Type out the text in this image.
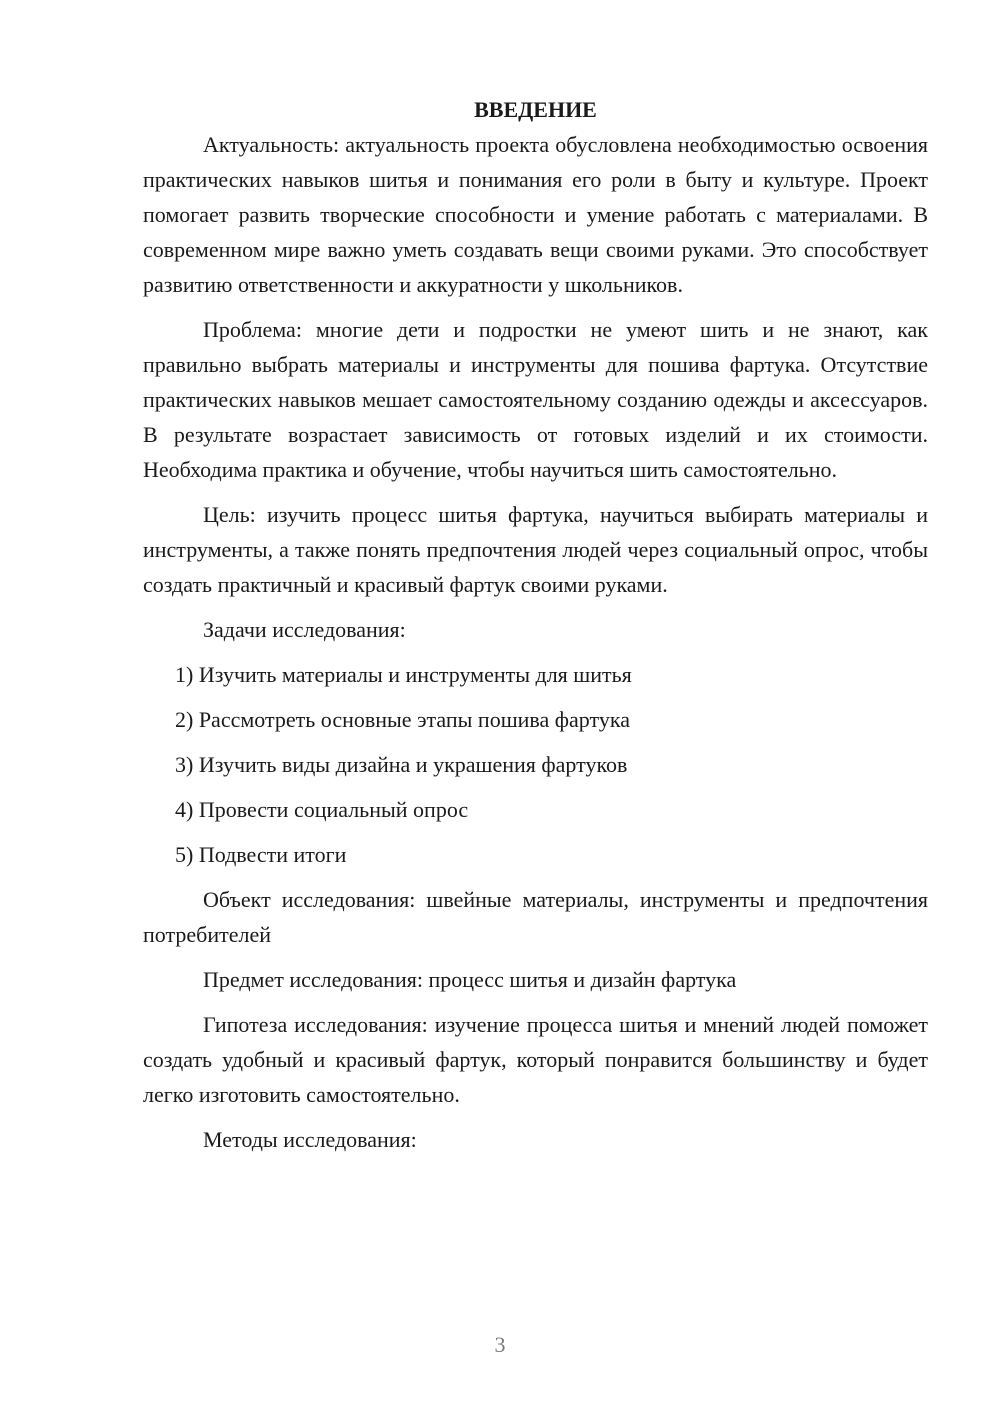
ВВЕДЕНИЕ

Актуальность: актуальность проекта обусловлена необходимостью освоения практических навыков шитья и понимания его роли в быту и культуре. Проект помогает развить творческие способности и умение работать с материалами. В современном мире важно уметь создавать вещи своими руками. Это способствует развитию ответственности и аккуратности у школьников.

Проблема: многие дети и подростки не умеют шить и не знают, как правильно выбрать материалы и инструменты для пошива фартука. Отсутствие практических навыков мешает самостоятельному созданию одежды и аксессуаров. В результате возрастает зависимость от готовых изделий и их стоимости. Необходима практика и обучение, чтобы научиться шить самостоятельно.

Цель: изучить процесс шитья фартука, научиться выбирать материалы и инструменты, а также понять предпочтения людей через социальный опрос, чтобы создать практичный и красивый фартук своими руками.

Задачи исследования:

1) Изучить материалы и инструменты для шитья
2) Рассмотреть основные этапы пошива фартука
3) Изучить виды дизайна и украшения фартуков
4) Провести социальный опрос
5) Подвести итоги

Объект исследования: швейные материалы, инструменты и предпочтения потребителей

Предмет исследования: процесс шитья и дизайн фартука

Гипотеза исследования: изучение процесса шитья и мнений людей поможет создать удобный и красивый фартук, который понравится большинству и будет легко изготовить самостоятельно.

Методы исследования:

3
